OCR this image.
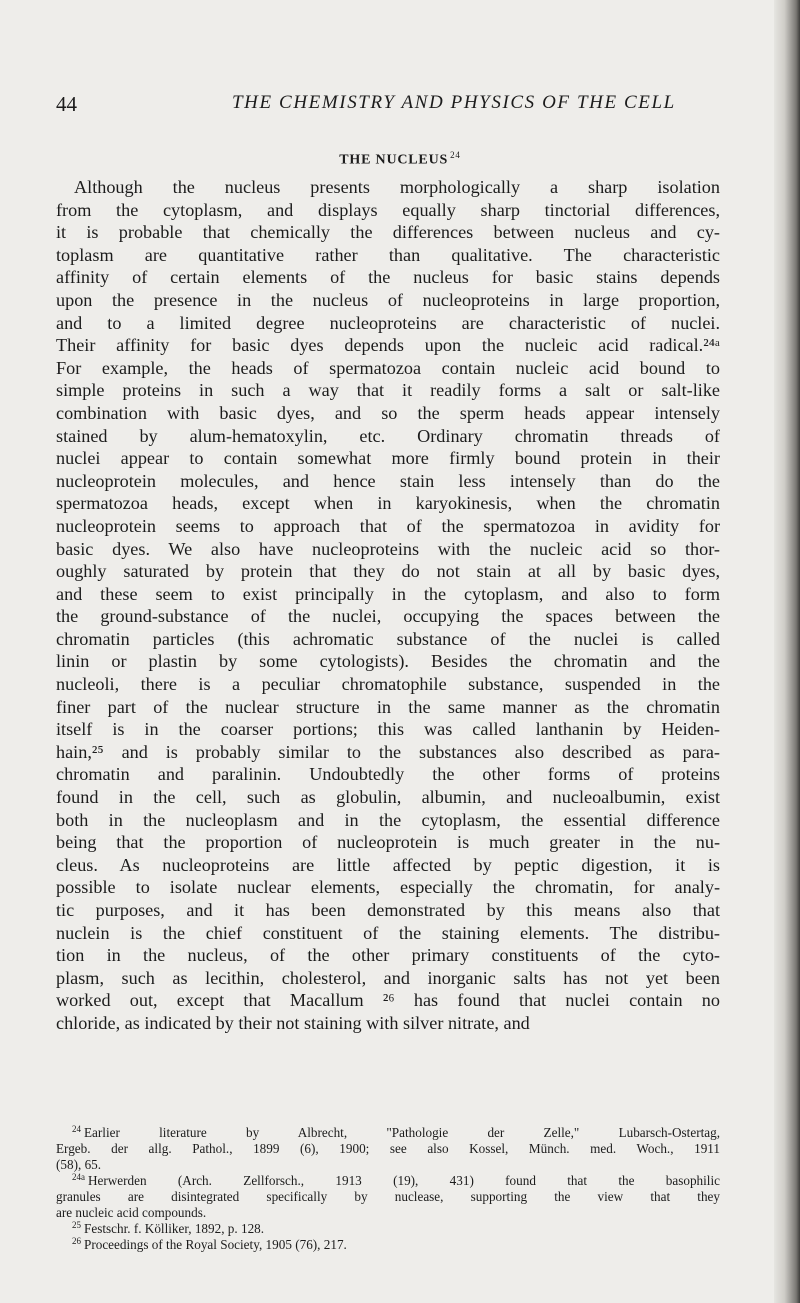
44	THE CHEMISTRY AND PHYSICS OF THE CELL
THE NUCLEUS $^{24}$
Although the nucleus presents morphologically a sharp isolation
from the cytoplasm, and displays equally sharp tinctorial differences,
it is probable that chemically the differences between nucleus and cy-
toplasm are quantitative rather than qualitative. The characteristic
affinity of certain elements of the nucleus for basic stains depends
upon the presence in the nucleus of nucleoproteins in large proportion,
and to a limited degree nucleoproteins are characteristic of nuclei.
Their affinity for basic dyes depends upon the nucleic acid radical.²⁴ᵃ
For example, the heads of spermatozoa contain nucleic acid bound to
simple proteins in such a way that it readily forms a salt or salt-like
combination with basic dyes, and so the sperm heads appear intensely
stained by alum-hematoxylin, etc. Ordinary chromatin threads of
nuclei appear to contain somewhat more firmly bound protein in their
nucleoprotein molecules, and hence stain less intensely than do the
spermatozoa heads, except when in karyokinesis, when the chromatin
nucleoprotein seems to approach that of the spermatozoa in avidity for
basic dyes. We also have nucleoproteins with the nucleic acid so thor-
oughly saturated by protein that they do not stain at all by basic dyes,
and these seem to exist principally in the cytoplasm, and also to form
the ground-substance of the nuclei, occupying the spaces between the
chromatin particles (this achromatic substance of the nuclei is called
linin or plastin by some cytologists). Besides the chromatin and the
nucleoli, there is a peculiar chromatophile substance, suspended in the
finer part of the nuclear structure in the same manner as the chromatin
itself is in the coarser portions; this was called lanthanin by Heiden-
hain,²⁵ and is probably similar to the substances also described as para-
chromatin and paralinin. Undoubtedly the other forms of proteins
found in the cell, such as globulin, albumin, and nucleoalbumin, exist
both in the nucleoplasm and in the cytoplasm, the essential difference
being that the proportion of nucleoprotein is much greater in the nu-
cleus. As nucleoproteins are little affected by peptic digestion, it is
possible to isolate nuclear elements, especially the chromatin, for analy-
tic purposes, and it has been demonstrated by this means also that
nuclein is the chief constituent of the staining elements. The distribu-
tion in the nucleus, of the other primary constituents of the cyto-
plasm, such as lecithin, cholesterol, and inorganic salts has not yet been
worked out, except that Macallum ²⁶ has found that nuclei contain no
chloride, as indicated by their not staining with silver nitrate, and
$^{24}$ Earlier literature by Albrecht, "Pathologie der Zelle," Lubarsch-Ostertag,
Ergeb. der allg. Pathol., 1899 (6), 1900; see also Kossel, Münch. med. Woch., 1911
(58), 65.
$^{24a}$ Herwerden (Arch. Zellforsch., 1913 (19), 431) found that the basophilic
granules are disintegrated specifically by nuclease, supporting the view that they
are nucleic acid compounds.
$^{25}$ Festschr. f. Kölliker, 1892, p. 128.
$^{26}$ Proceedings of the Royal Society, 1905 (76), 217.
